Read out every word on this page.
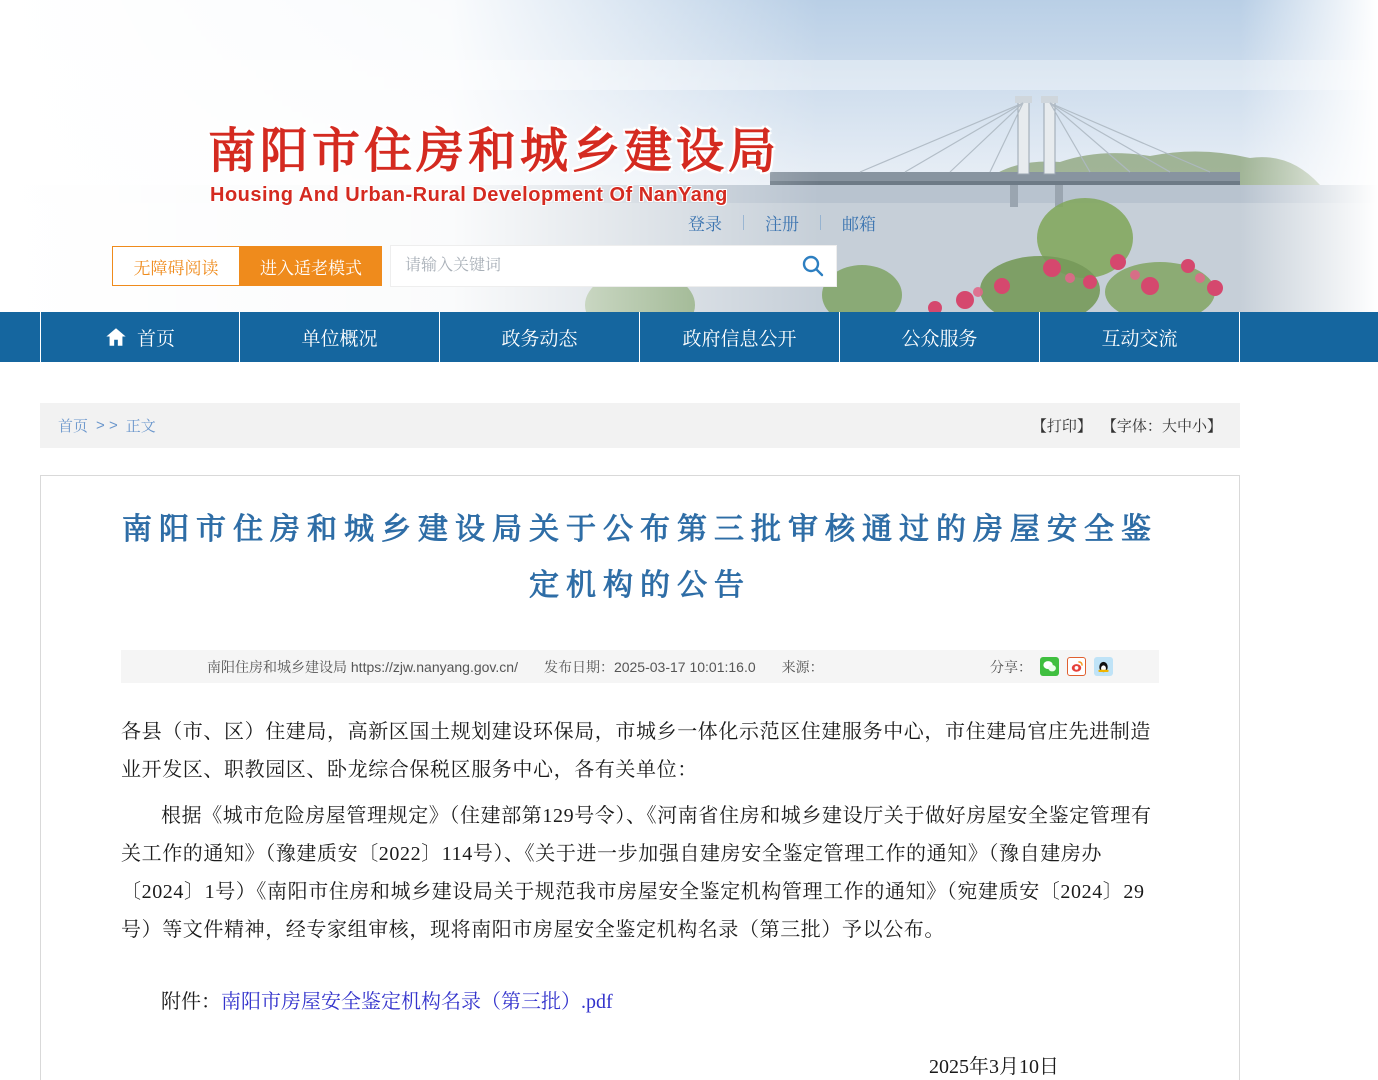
南阳市住房和城乡建设局
Housing And Urban-Rural Development Of NanYang
登录 ｜ 注册 ｜ 邮箱
无障碍阅读	进入适老模式
请输入关键词
首页	单位概况	政务动态	政府信息公开	公众服务	互动交流
首页 > > 正文	【打印】 【字体： 大 中 小 】
南阳市住房和城乡建设局关于公布第三批审核通过的房屋安全鉴定机构的公告
南阳住房和城乡建设局 https://zjw.nanyang.gov.cn/ 发布日期：2025-03-17 10:01:16.0 来源：	分享：

各县（市、区）住建局，高新区国土规划建设环保局，市城乡一体化示范区住建服务中心，市住建局官庄先进制造业开发区、职教园区、卧龙综合保税区服务中心，各有关单位：

根据《城市危险房屋管理规定》（住建部第129号令）、《河南省住房和城乡建设厅关于做好房屋安全鉴定管理有关工作的通知》（豫建质安〔2022〕114号）、《关于进一步加强自建房安全鉴定管理工作的通知》（豫自建房办〔2024〕1号）《南阳市住房和城乡建设局关于规范我市房屋安全鉴定机构管理工作的通知》（宛建质安〔2024〕29号）等文件精神，经专家组审核，现将南阳市房屋安全鉴定机构名录（第三批）予以公布。

附件：南阳市房屋安全鉴定机构名录（第三批）.pdf
2025年3月10日
